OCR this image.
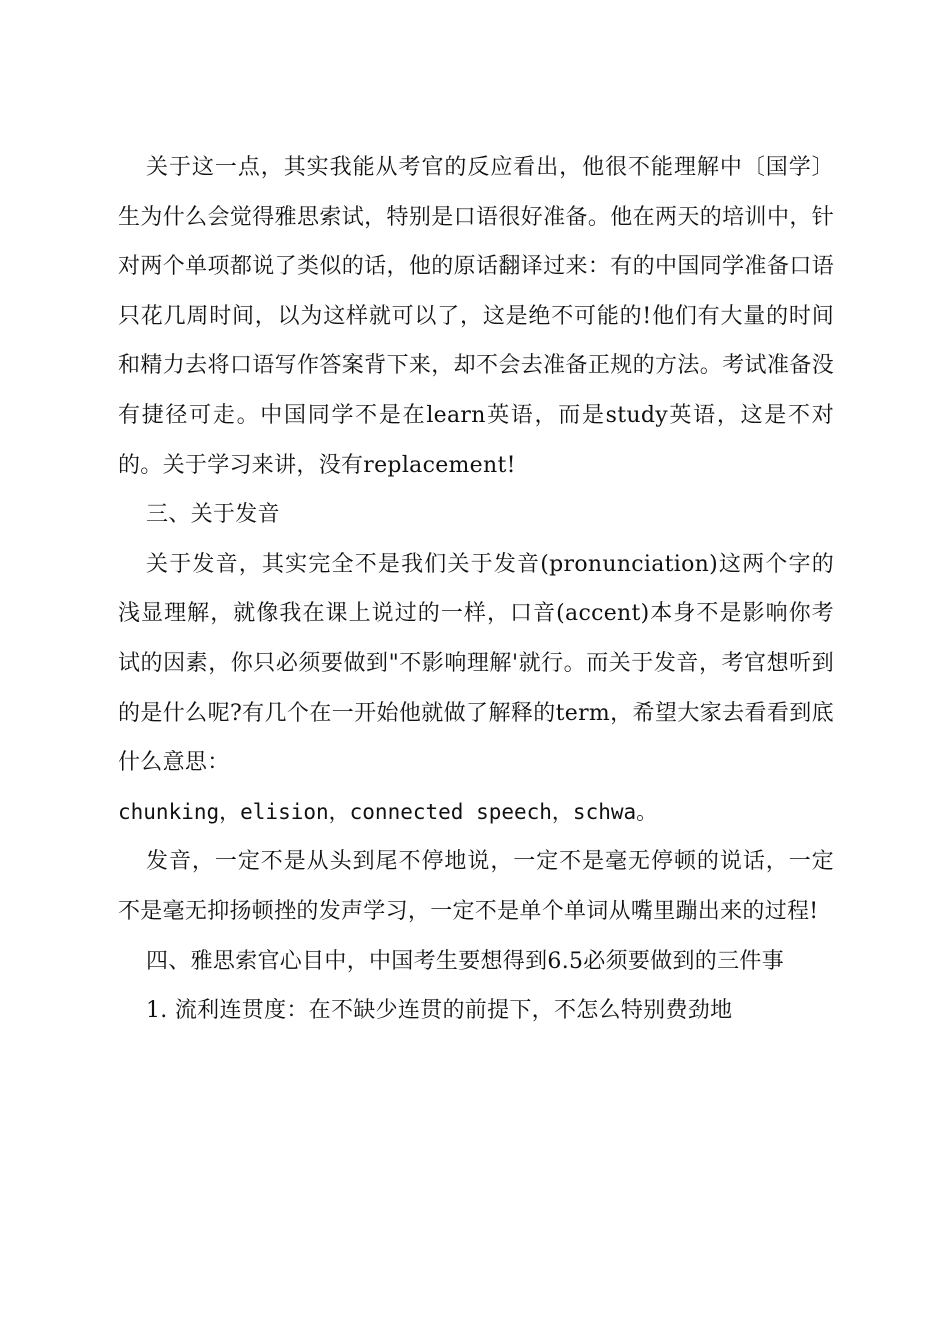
关于这一点，其实我能从考官的反应看出，他很不能理解中〔国学〕生为什么会觉得雅思索试，特别是口语很好准备。他在两天的培训中，针对两个单项都说了类似的话，他的原话翻译过来：有的中国同学准备口语只花几周时间，以为这样就可以了，这是绝不可能的!他们有大量的时间和精力去将口语写作答案背下来，却不会去准备正规的方法。考试准备没有捷径可走。中国同学不是在learn英语，而是study英语，这是不对的。关于学习来讲，没有replacement!

三、关于发音

关于发音，其实完全不是我们关于发音(pronunciation)这两个字的浅显理解，就像我在课上说过的一样，口音(accent)本身不是影响你考试的因素，你只必须要做到"不影响理解'就行。而关于发音，考官想听到的是什么呢?有几个在一开始他就做了解释的term，希望大家去看看到底什么意思：

chunking，elision，connected speech，schwa。

发音，一定不是从头到尾不停地说，一定不是毫无停顿的说话，一定不是毫无抑扬顿挫的发声学习，一定不是单个单词从嘴里蹦出来的过程!

四、雅思索官心目中，中国考生要想得到6.5必须要做到的三件事

1. 流利连贯度：在不缺少连贯的前提下，不怎么特别费劲地
